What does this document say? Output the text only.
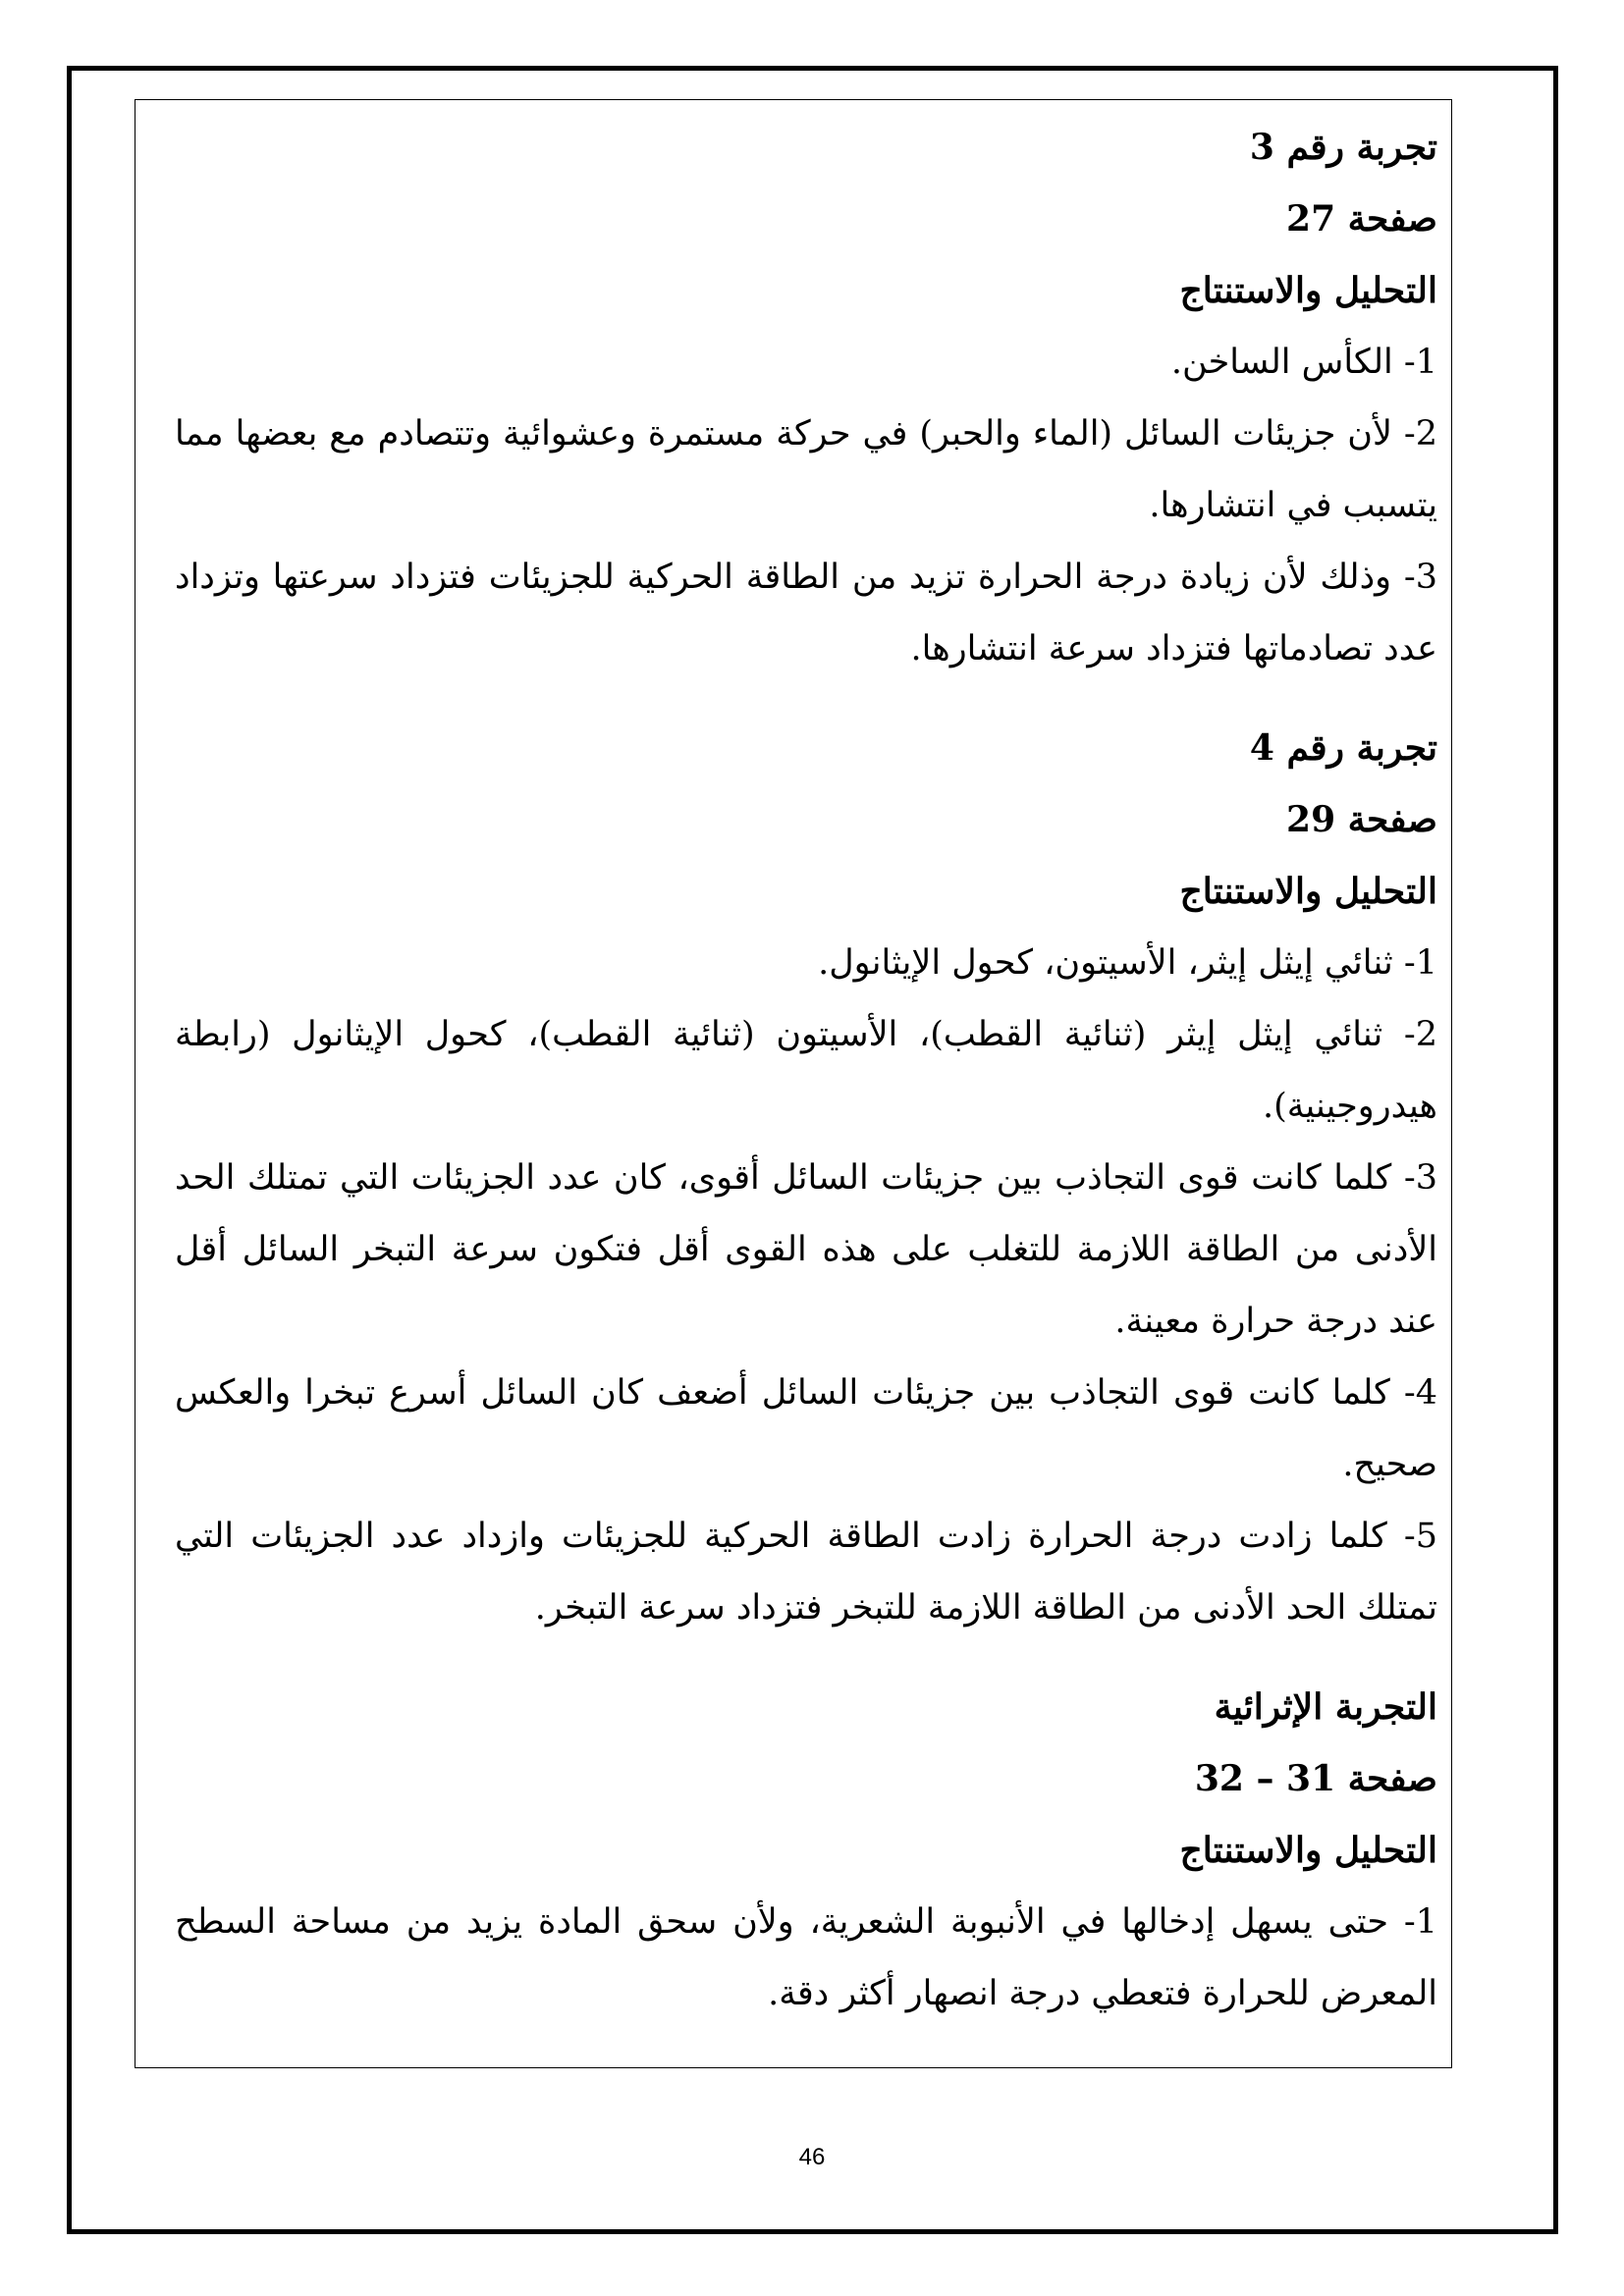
تجربة رقم 3

صفحة 27

التحليل والاستنتاج

1- الكأس الساخن.

2- لأن جزيئات السائل (الماء والحبر) في حركة مستمرة وعشوائية وتتصادم مع بعضها مما يتسبب في انتشارها.

3- وذلك لأن زيادة درجة الحرارة تزيد من الطاقة الحركية للجزيئات فتزداد سرعتها وتزداد عدد تصادماتها فتزداد سرعة انتشارها.

تجربة رقم 4

صفحة 29

التحليل والاستنتاج

1- ثنائي إيثل إيثر، الأسيتون، كحول الإيثانول.

2- ثنائي إيثل إيثر (ثنائية القطب)، الأسيتون (ثنائية القطب)، كحول الإيثانول (رابطة هيدروجينية).

3- كلما كانت قوى التجاذب بين جزيئات السائل أقوى، كان عدد الجزيئات التي تمتلك الحد الأدنى من الطاقة اللازمة للتغلب على هذه القوى أقل فتكون سرعة التبخر السائل أقل عند درجة حرارة معينة.

4- كلما كانت قوى التجاذب بين جزيئات السائل أضعف كان السائل أسرع تبخرا والعكس صحيح.

5- كلما زادت درجة الحرارة زادت الطاقة الحركية للجزيئات وازداد عدد الجزيئات التي تمتلك الحد الأدنى من الطاقة اللازمة للتبخر فتزداد سرعة التبخر.

التجربة الإثرائية

صفحة 31 – 32

التحليل والاستنتاج

1- حتى يسهل إدخالها في الأنبوبة الشعرية، ولأن سحق المادة يزيد من مساحة السطح المعرض للحرارة فتعطي درجة انصهار أكثر دقة.

46
